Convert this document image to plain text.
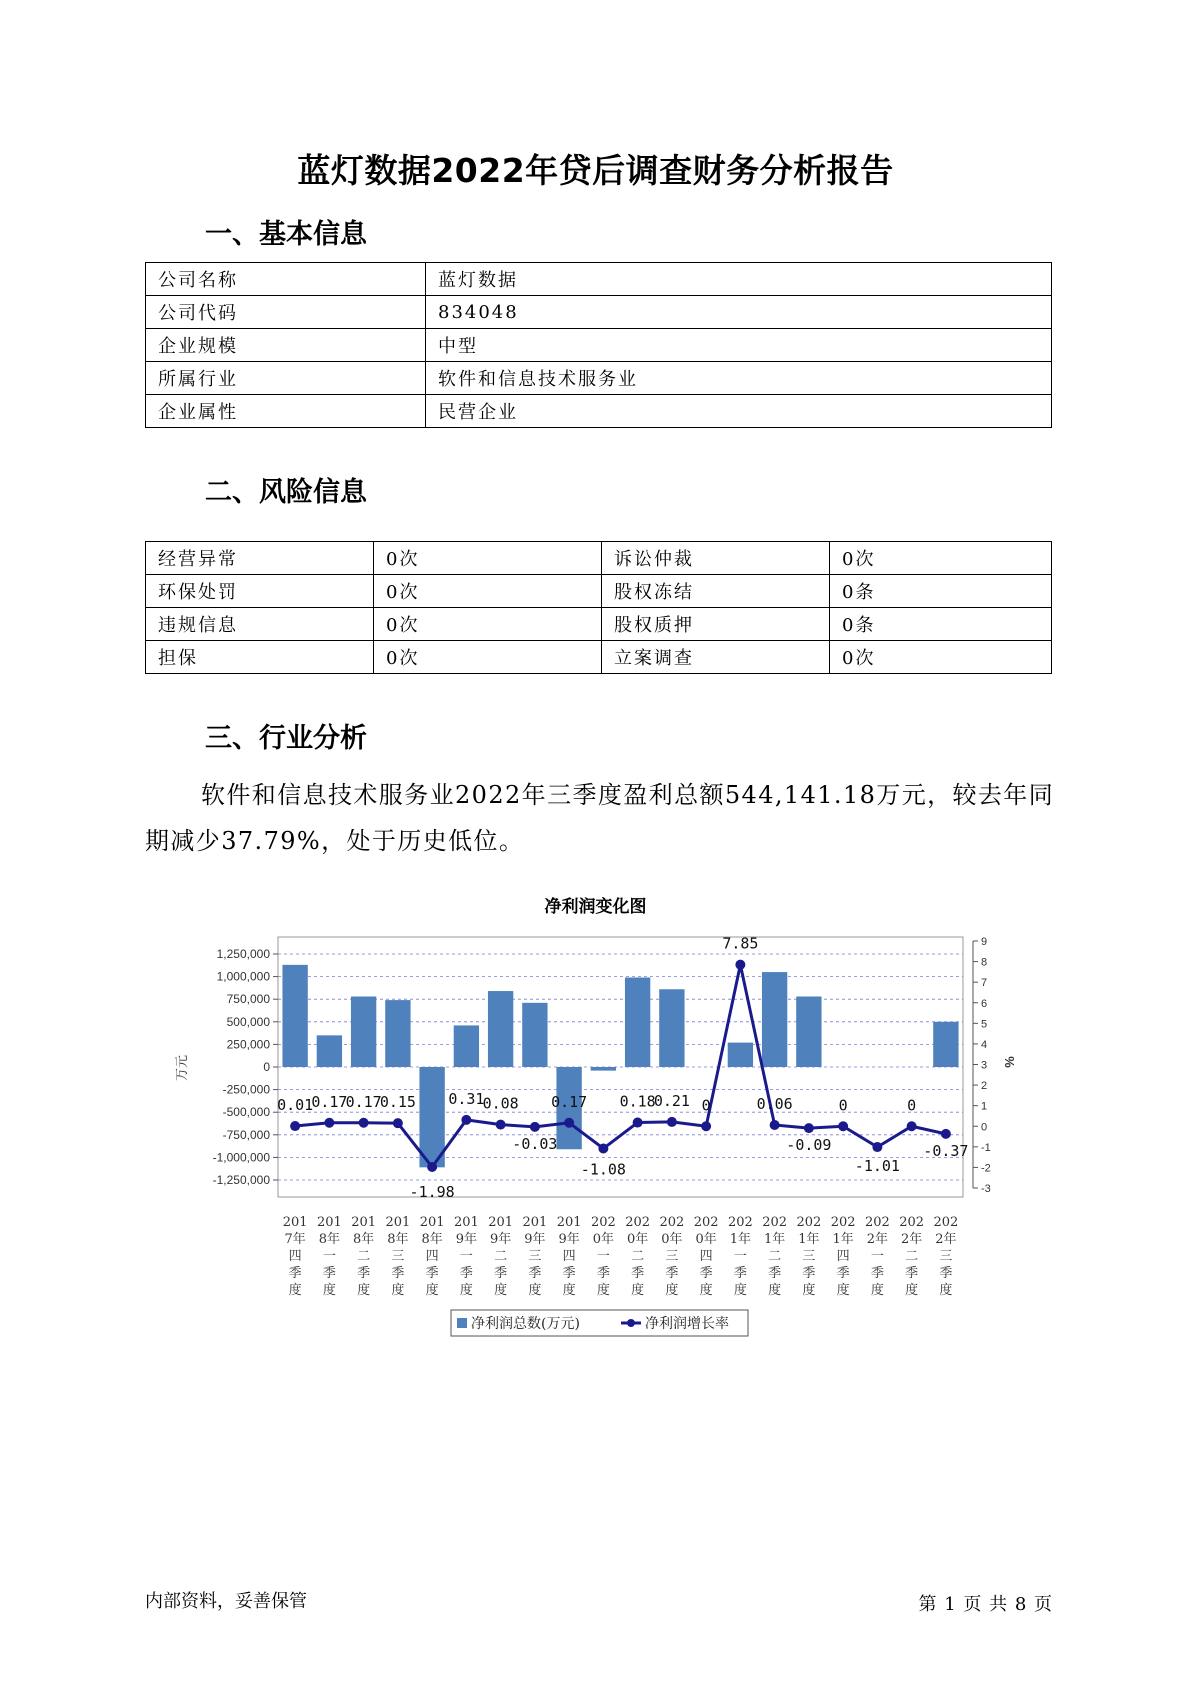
蓝灯数据2022年贷后调查财务分析报告
一、基本信息
公司名称	蓝灯数据
公司代码	834048
企业规模	中型
所属行业	软件和信息技术服务业
企业属性	民营企业
二、风险信息
经营异常	0次	诉讼仲裁	0次
环保处罚	0次	股权冻结	0条
违规信息	0次	股权质押	0条
担保	0次	立案调查	0次
三、行业分析
软件和信息技术服务业2022年三季度盈利总额544,141.18万元，较去年同期减少37.79%，处于历史低位。
净利润变化图
1,250,000
1,000,000
750,000
500,000
250,000
0
-250,000
-500,000
-750,000
-1,000,000
-1,250,000
9
8
7
6
5
4
3
2
1
0
-1
-2
-3
万元	%
0.01
0.17
0.17
0.15
-1.98
0.31
0.08
-0.03
0.17
-1.08
0.18
0.21 0
7.85
0.06
-0.09
0
-1.01
0
-0.37
201
7年
四
季
度
201
8年
一
季
度
201
8年
二
季
度
201
8年
三
季
度
201
8年
四
季
度
201
9年
一
季
度
201
9年
二
季
度
201
9年
三
季
度
201
9年
四
季
度
202
0年
一
季
度
202
0年
二
季
度
202
0年
三
季
度
202
0年
四
季
度
202
1年
一
季
度
202
1年
二
季
度
202
1年
三
季
度
202
1年
四
季
度
202
2年
一
季
度
202
2年
二
季
度
202
2年
三
季
度
净利润总数(万元)	净利润增长率
内部资料，妥善保管	第 1 页 共 8 页
